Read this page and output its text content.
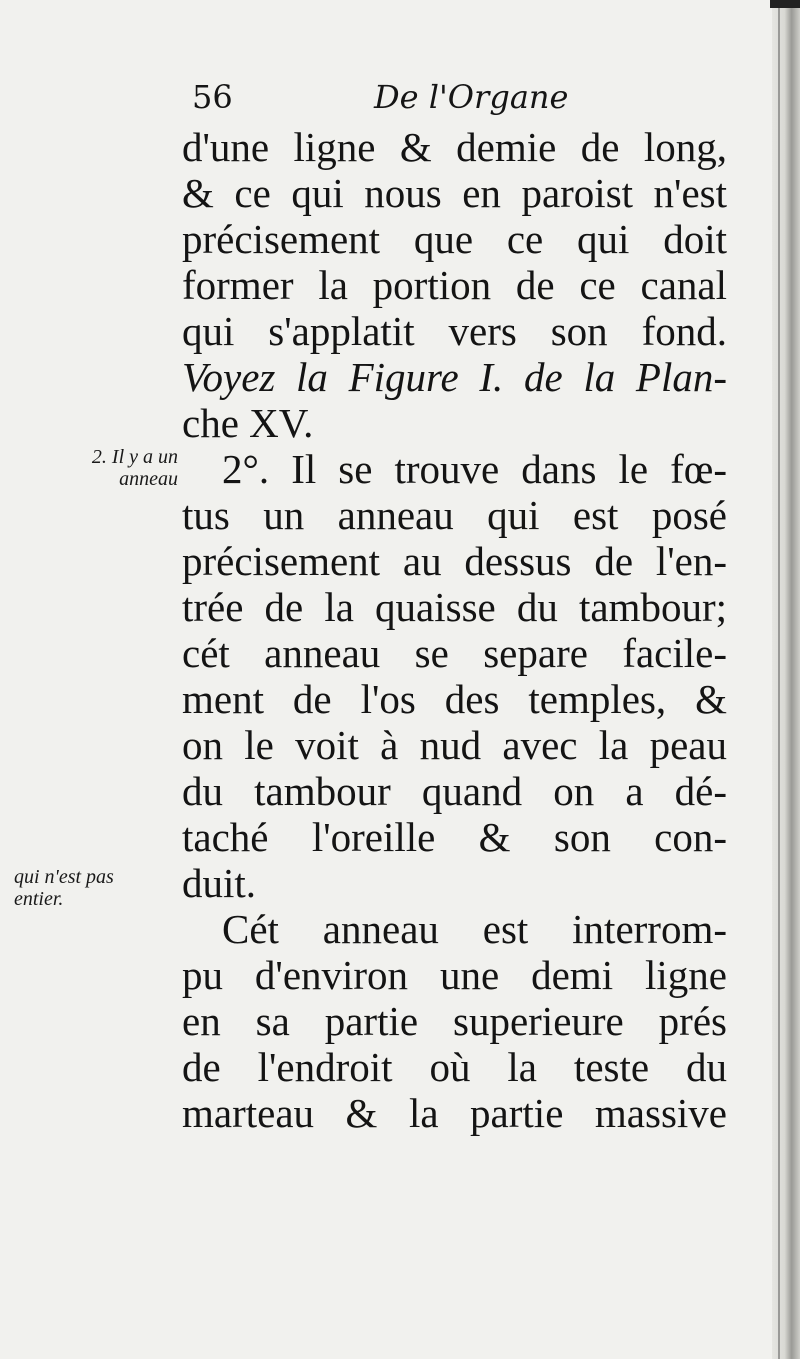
56	De l'Organe
2. Il y a un anneau
qui n'est pas entier.
d'une ligne & demie de long,
& ce qui nous en paroist n'est
précisement que ce qui doit
former la portion de ce canal
qui s'applatit vers son fond.
Voyez la Figure I. de la Plan-
che XV.
2°. Il se trouve dans le fœ-
tus un anneau qui est posé
précisement au dessus de l'en-
trée de la quaisse du tambour;
cét anneau se separe facile-
ment de l'os des temples, &
on le voit à nud avec la peau
du tambour quand on a dé-
taché l'oreille & son con-
duit.
Cét anneau est interrom-
pu d'environ une demi ligne
en sa partie superieure prés
de l'endroit où la teste du
marteau & la partie massive
